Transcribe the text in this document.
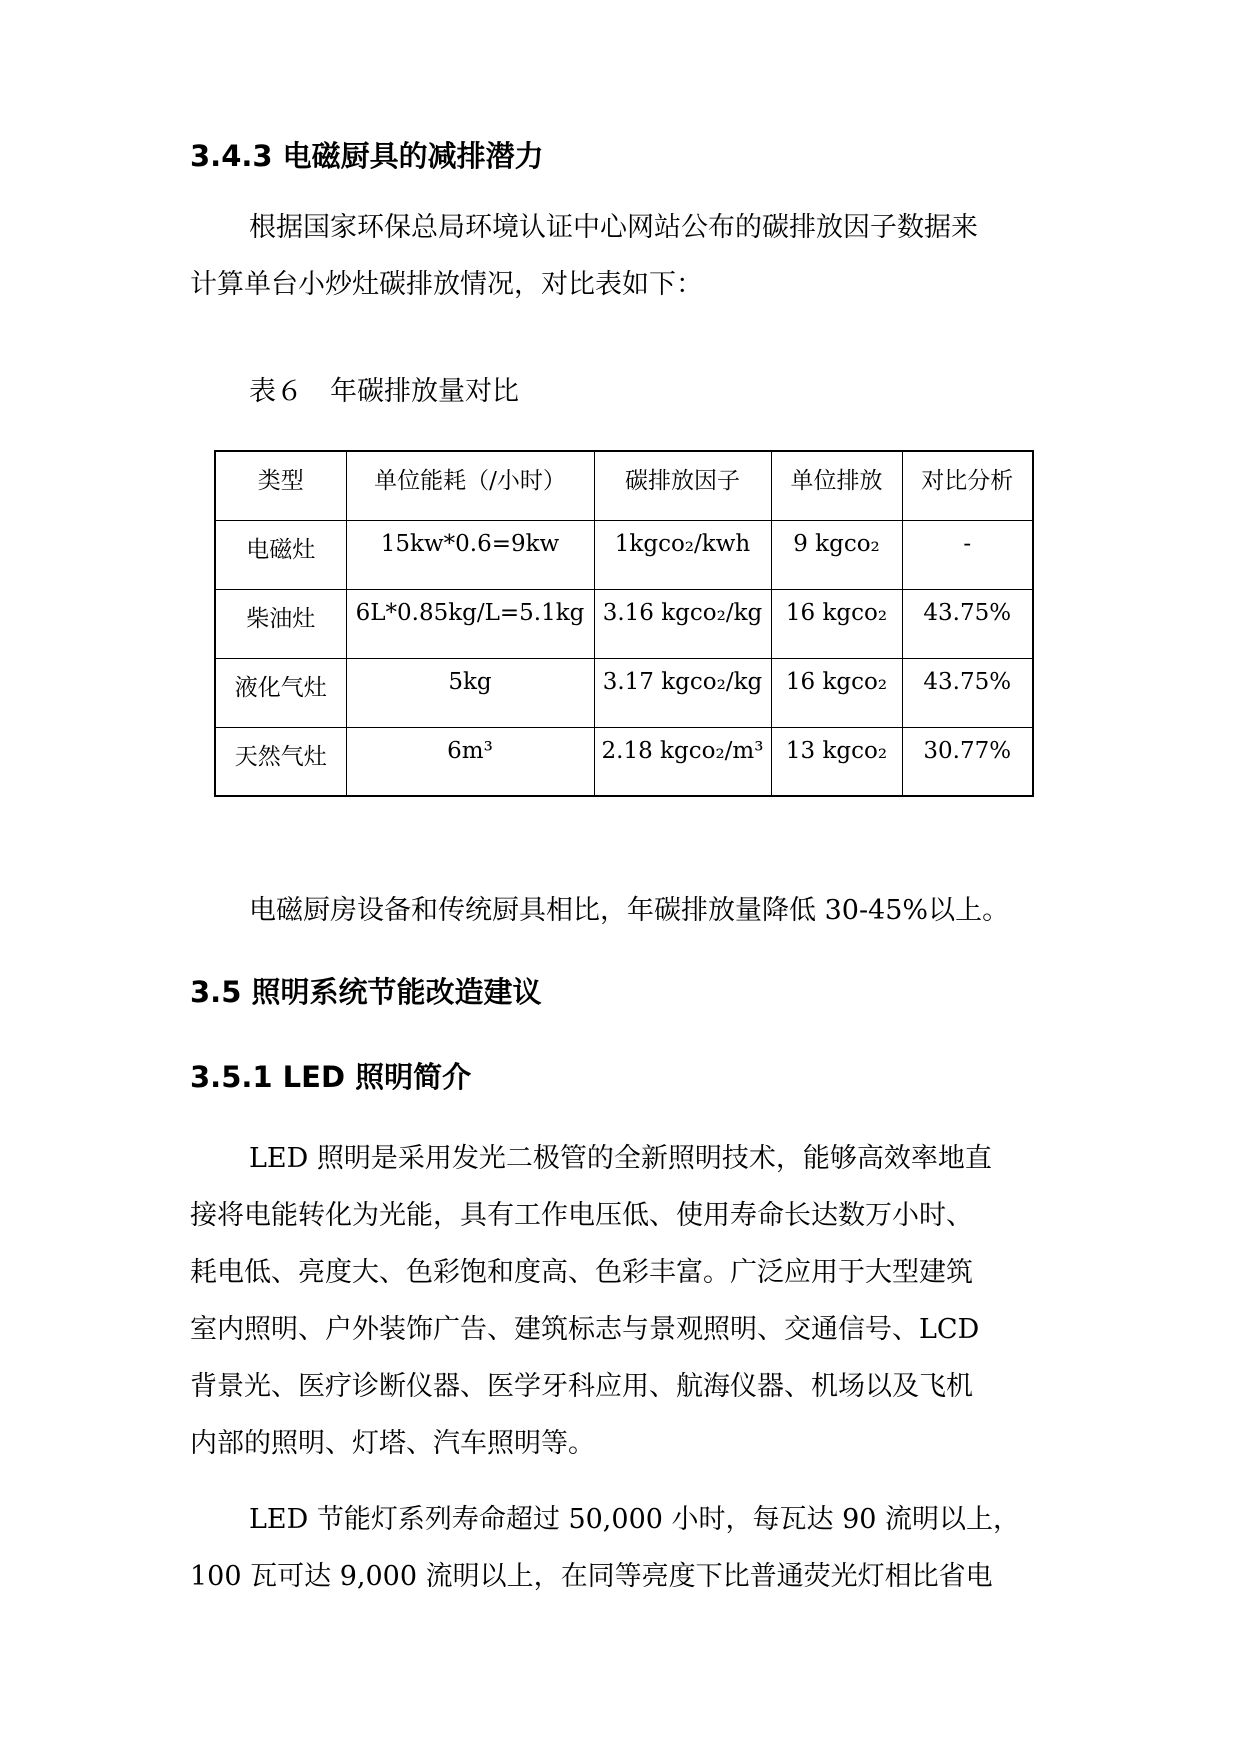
3.4.3 电磁厨具的减排潜力
根据国家环保总局环境认证中心网站公布的碳排放因子数据来
计算单台小炒灶碳排放情况，对比表如下：
表６　年碳排放量对比
类型	单位能耗（/小时）	碳排放因子	单位排放	对比分析
电磁灶	15kw*0.6=9kw	1kgco₂/kwh	9 kgco₂	-
柴油灶	6L*0.85kg/L=5.1kg	3.16 kgco₂/kg	16 kgco₂	43.75%
液化气灶	5kg	3.17 kgco₂/kg	16 kgco₂	43.75%
天然气灶	6m³	2.18 kgco₂/m³	13 kgco₂	30.77%
电磁厨房设备和传统厨具相比，年碳排放量降低 30-45%以上。
3.5 照明系统节能改造建议
3.5.1 LED 照明简介
LED 照明是采用发光二极管的全新照明技术，能够高效率地直
接将电能转化为光能，具有工作电压低、使用寿命长达数万小时、
耗电低、亮度大、色彩饱和度高、色彩丰富。广泛应用于大型建筑
室内照明、户外装饰广告、建筑标志与景观照明、交通信号、LCD
背景光、医疗诊断仪器、医学牙科应用、航海仪器、机场以及飞机
内部的照明、灯塔、汽车照明等。
LED 节能灯系列寿命超过 50,000 小时，每瓦达 90 流明以上，
100 瓦可达 9,000 流明以上，在同等亮度下比普通荧光灯相比省电
